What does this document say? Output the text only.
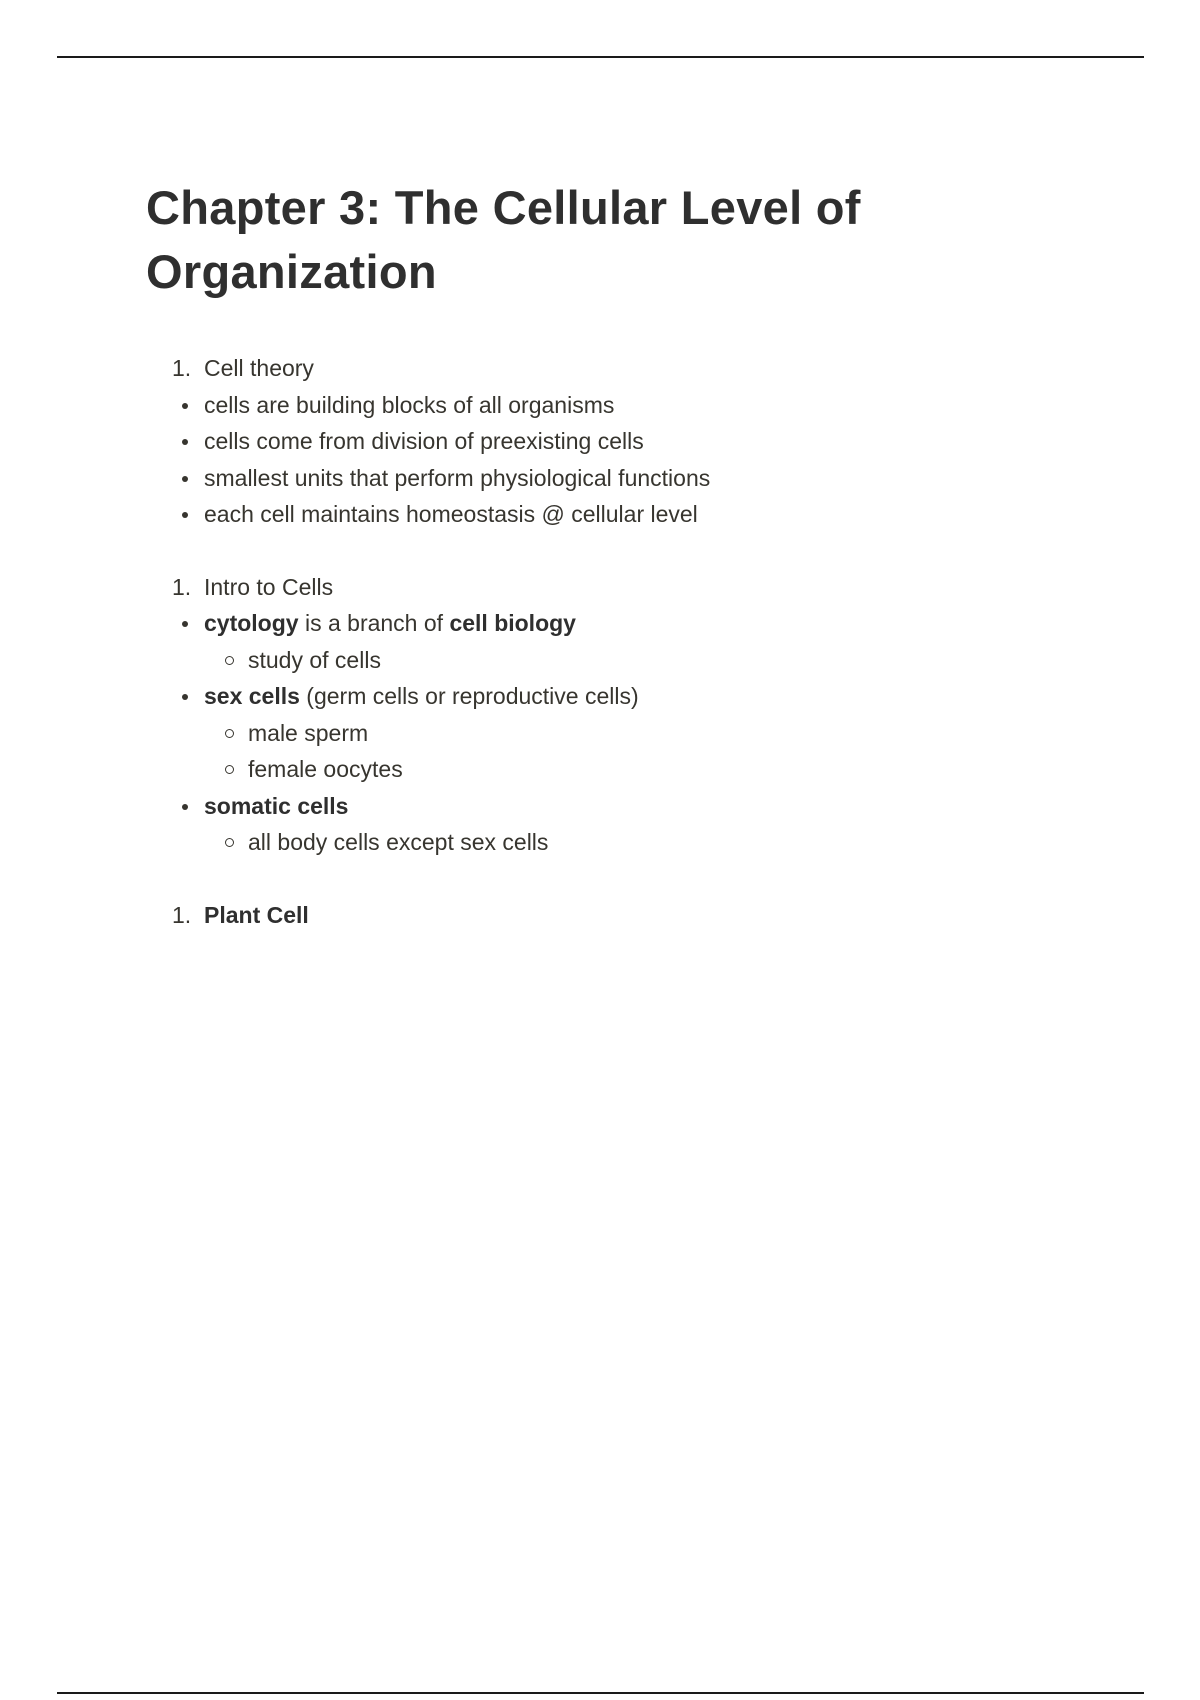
Chapter 3: The Cellular Level of Organization
1. Cell theory
cells are building blocks of all organisms
cells come from division of preexisting cells
smallest units that perform physiological functions
each cell maintains homeostasis @ cellular level
1. Intro to Cells
cytology is a branch of cell biology
study of cells
sex cells (germ cells or reproductive cells)
male sperm
female oocytes
somatic cells
all body cells except sex cells
1. Plant Cell
